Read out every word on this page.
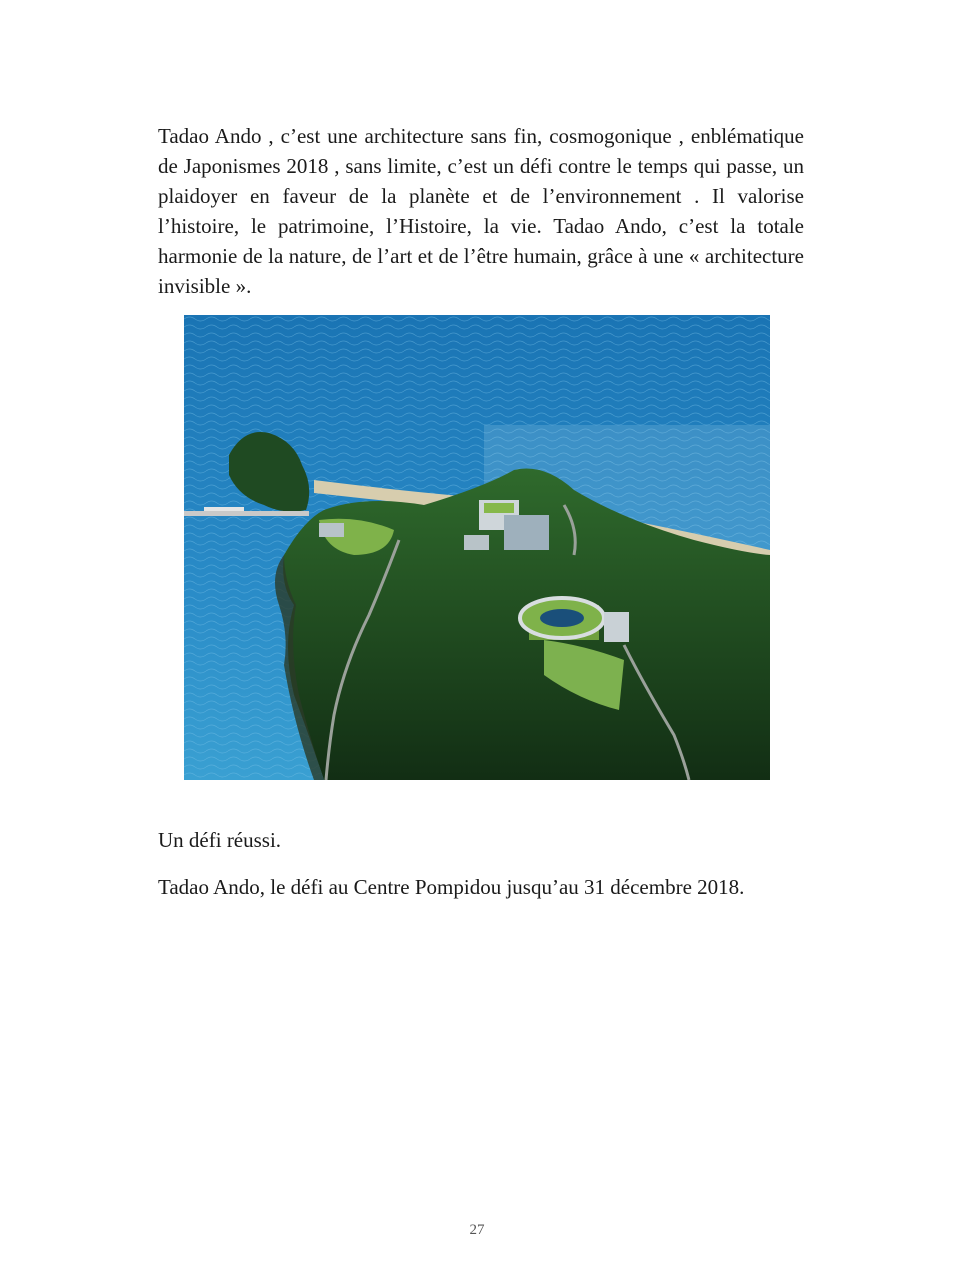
Tadao Ando , c’est une architecture sans fin, cosmogonique , enblématique de Japonismes 2018 , sans limite, c’est un défi contre le temps qui passe, un plaidoyer en faveur de la planète et de l’environnement . Il valorise l’histoire, le patrimoine, l’Histoire, la vie. Tadao Ando, c’est la totale harmonie de la nature, de l’art et de l’être humain, grâce à une « architecture invisible ».

Un défi réussi.

Tadao Ando, le défi au Centre Pompidou jusqu’au 31 décembre 2018.

27
